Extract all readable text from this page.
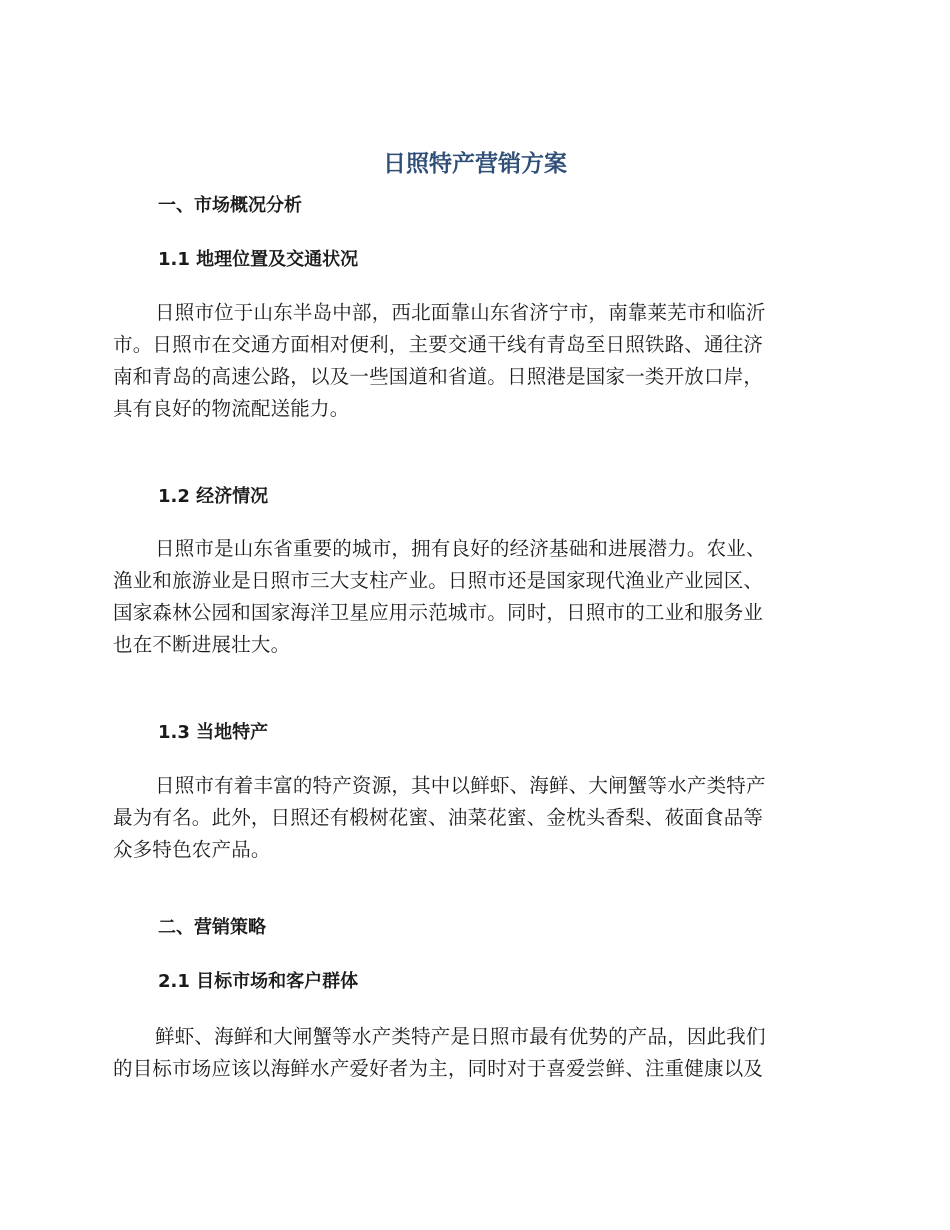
日照特产营销方案
一、市场概况分析
1.1 地理位置及交通状况
日照市位于山东半岛中部，西北面靠山东省济宁市，南靠莱芜市和临沂
市。日照市在交通方面相对便利，主要交通干线有青岛至日照铁路、通往济
南和青岛的高速公路，以及一些国道和省道。日照港是国家一类开放口岸，
具有良好的物流配送能力。
1.2 经济情况
日照市是山东省重要的城市，拥有良好的经济基础和进展潜力。农业、
渔业和旅游业是日照市三大支柱产业。日照市还是国家现代渔业产业园区、
国家森林公园和国家海洋卫星应用示范城市。同时，日照市的工业和服务业
也在不断进展壮大。
1.3 当地特产
日照市有着丰富的特产资源，其中以鲜虾、海鲜、大闸蟹等水产类特产
最为有名。此外，日照还有椴树花蜜、油菜花蜜、金枕头香梨、莜面食品等
众多特色农产品。
二、营销策略
2.1 目标市场和客户群体
鲜虾、海鲜和大闸蟹等水产类特产是日照市最有优势的产品，因此我们
的目标市场应该以海鲜水产爱好者为主，同时对于喜爱尝鲜、注重健康以及
